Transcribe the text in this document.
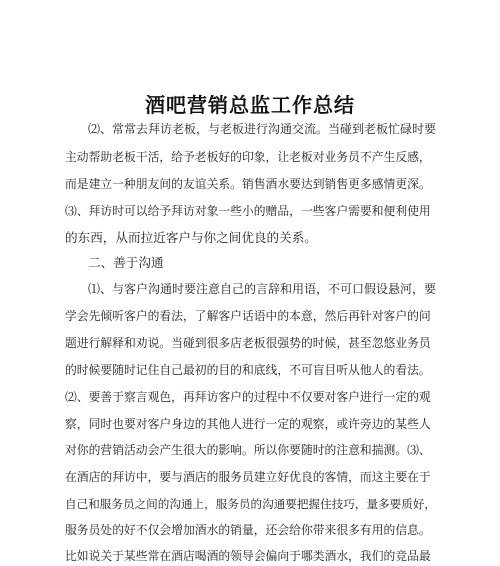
酒吧营销总监工作总结
⑵、常常去拜访老板，与老板进行沟通交流。当碰到老板忙碌时要
主动帮助老板干活，给予老板好的印象，让老板对业务员不产生反感，
而是建立一种朋友间的友谊关系。销售酒水要达到销售更多感情更深。
⑶、拜访时可以给予拜访对象一些小的赠品，一些客户需要和便利使用
的东西，从而拉近客户与你之间优良的关系。
二、善于沟通
⑴、与客户沟通时要注意自己的言辞和用语，不可口假设悬河，要
学会先倾听客户的看法，了解客户话语中的本意，然后再针对客户的问
题进行解释和劝说。当碰到很多店老板很强势的时候，甚至忽悠业务员
的时候要随时记住自己最初的目的和底线，不可盲目听从他人的看法。
⑵、要善于察言观色，再拜访客户的过程中不仅要对客户进行一定的观
察，同时也要对客户身边的其他人进行一定的观察，或许旁边的某些人
对你的营销活动会产生很大的影响。所以你要随时的注意和揣测。⑶、
在酒店的拜访中，要与酒店的服务员建立好优良的客情，而这主要在于
自己和服务员之间的沟通上，服务员的沟通要把握住技巧，量多要质好，
服务员处的好不仅会增加酒水的销量，还会给你带来很多有用的信息。
比如说关于某些常在酒店喝酒的领导会偏向于哪类酒水，我们的竞品最
